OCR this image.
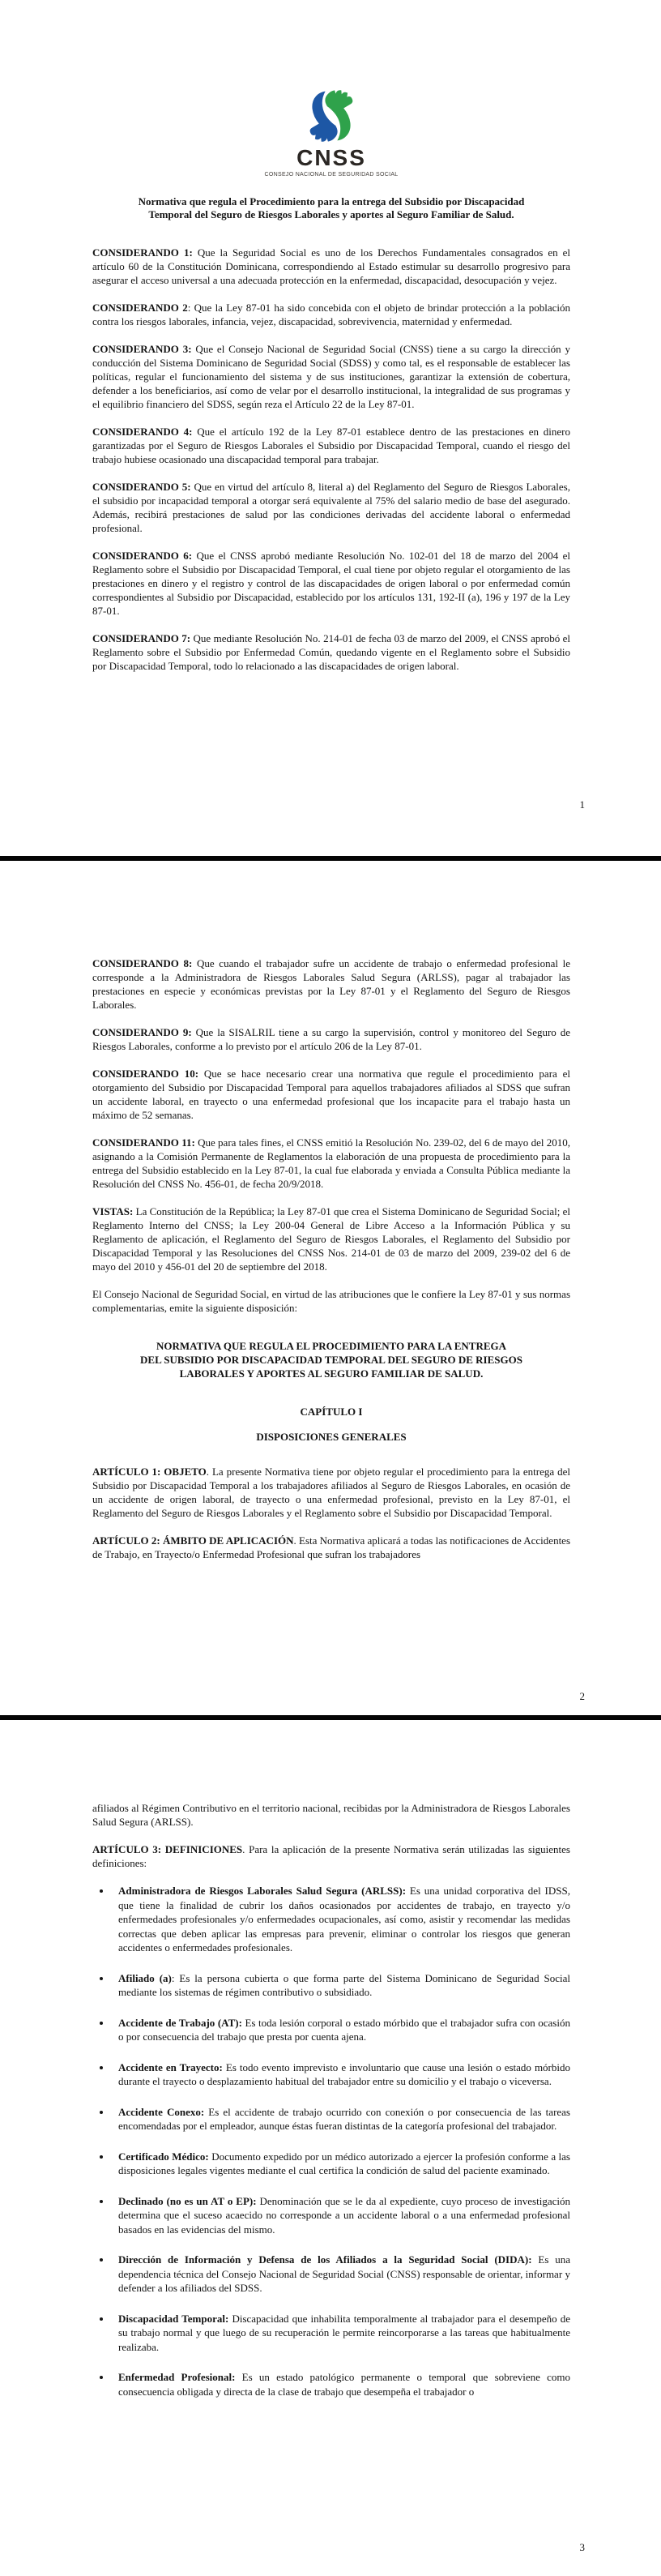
CNSS
CONSEJO NACIONAL DE SEGURIDAD SOCIAL
Normativa que regula el Procedimiento para la entrega del Subsidio por Discapacidad
Temporal del Seguro de Riesgos Laborales y aportes al Seguro Familiar de Salud.

CONSIDERANDO 1: Que la Seguridad Social es uno de los Derechos Fundamentales consagrados en el artículo 60 de la Constitución Dominicana, correspondiendo al Estado estimular su desarrollo progresivo para asegurar el acceso universal a una adecuada protección en la enfermedad, discapacidad, desocupación y vejez.

CONSIDERANDO 2: Que la Ley 87-01 ha sido concebida con el objeto de brindar protección a la población contra los riesgos laborales, infancia, vejez, discapacidad, sobrevivencia, maternidad y enfermedad.

CONSIDERANDO 3: Que el Consejo Nacional de Seguridad Social (CNSS) tiene a su cargo la dirección y conducción del Sistema Dominicano de Seguridad Social (SDSS) y como tal, es el responsable de establecer las políticas, regular el funcionamiento del sistema y de sus instituciones, garantizar la extensión de cobertura, defender a los beneficiarios, así como de velar por el desarrollo institucional, la integralidad de sus programas y el equilibrio financiero del SDSS, según reza el Artículo 22 de la Ley 87-01.

CONSIDERANDO 4: Que el artículo 192 de la Ley 87-01 establece dentro de las prestaciones en dinero garantizadas por el Seguro de Riesgos Laborales el Subsidio por Discapacidad Temporal, cuando el riesgo del trabajo hubiese ocasionado una discapacidad temporal para trabajar.

CONSIDERANDO 5: Que en virtud del artículo 8, literal a) del Reglamento del Seguro de Riesgos Laborales, el subsidio por incapacidad temporal a otorgar será equivalente al 75% del salario medio de base del asegurado. Además, recibirá prestaciones de salud por las condiciones derivadas del accidente laboral o enfermedad profesional.

CONSIDERANDO 6: Que el CNSS aprobó mediante Resolución No. 102-01 del 18 de marzo del 2004 el Reglamento sobre el Subsidio por Discapacidad Temporal, el cual tiene por objeto regular el otorgamiento de las prestaciones en dinero y el registro y control de las discapacidades de origen laboral o por enfermedad común correspondientes al Subsidio por Discapacidad, establecido por los artículos 131, 192-II (a), 196 y 197 de la Ley 87-01.

CONSIDERANDO 7: Que mediante Resolución No. 214-01 de fecha 03 de marzo del 2009, el CNSS aprobó el Reglamento sobre el Subsidio por Enfermedad Común, quedando vigente en el Reglamento sobre el Subsidio por Discapacidad Temporal, todo lo relacionado a las discapacidades de origen laboral.

1

CONSIDERANDO 8: Que cuando el trabajador sufre un accidente de trabajo o enfermedad profesional le corresponde a la Administradora de Riesgos Laborales Salud Segura (ARLSS), pagar al trabajador las prestaciones en especie y económicas previstas por la Ley 87-01 y el Reglamento del Seguro de Riesgos Laborales.

CONSIDERANDO 9: Que la SISALRIL tiene a su cargo la supervisión, control y monitoreo del Seguro de Riesgos Laborales, conforme a lo previsto por el artículo 206 de la Ley 87-01.

CONSIDERANDO 10: Que se hace necesario crear una normativa que regule el procedimiento para el otorgamiento del Subsidio por Discapacidad Temporal para aquellos trabajadores afiliados al SDSS que sufran un accidente laboral, en trayecto o una enfermedad profesional que los incapacite para el trabajo hasta un máximo de 52 semanas.

CONSIDERANDO 11: Que para tales fines, el CNSS emitió la Resolución No. 239-02, del 6 de mayo del 2010, asignando a la Comisión Permanente de Reglamentos la elaboración de una propuesta de procedimiento para la entrega del Subsidio establecido en la Ley 87-01, la cual fue elaborada y enviada a Consulta Pública mediante la Resolución del CNSS No. 456-01, de fecha 20/9/2018.

VISTAS: La Constitución de la República; la Ley 87-01 que crea el Sistema Dominicano de Seguridad Social; el Reglamento Interno del CNSS; la Ley 200-04 General de Libre Acceso a la Información Pública y su Reglamento de aplicación, el Reglamento del Seguro de Riesgos Laborales, el Reglamento del Subsidio por Discapacidad Temporal y las Resoluciones del CNSS Nos. 214-01 de 03 de marzo del 2009, 239-02 del 6 de mayo del 2010 y 456-01 del 20 de septiembre del 2018.

El Consejo Nacional de Seguridad Social, en virtud de las atribuciones que le confiere la Ley 87-01 y sus normas complementarias, emite la siguiente disposición:

NORMATIVA QUE REGULA EL PROCEDIMIENTO PARA LA ENTREGA
DEL SUBSIDIO POR DISCAPACIDAD TEMPORAL DEL SEGURO DE RIESGOS
LABORALES Y APORTES AL SEGURO FAMILIAR DE SALUD.
CAPÍTULO I
DISPOSICIONES GENERALES

ARTÍCULO 1: OBJETO. La presente Normativa tiene por objeto regular el procedimiento para la entrega del Subsidio por Discapacidad Temporal a los trabajadores afiliados al Seguro de Riesgos Laborales, en ocasión de un accidente de origen laboral, de trayecto o una enfermedad profesional, previsto en la Ley 87-01, el Reglamento del Seguro de Riesgos Laborales y el Reglamento sobre el Subsidio por Discapacidad Temporal.

ARTÍCULO 2: ÁMBITO DE APLICACIÓN. Esta Normativa aplicará a todas las notificaciones de Accidentes de Trabajo, en Trayecto/o Enfermedad Profesional que sufran los trabajadores

2

afiliados al Régimen Contributivo en el territorio nacional, recibidas por la Administradora de Riesgos Laborales Salud Segura (ARLSS).

ARTÍCULO 3: DEFINICIONES. Para la aplicación de la presente Normativa serán utilizadas las siguientes definiciones:

• Administradora de Riesgos Laborales Salud Segura (ARLSS): Es una unidad corporativa del IDSS, que tiene la finalidad de cubrir los daños ocasionados por accidentes de trabajo, en trayecto y/o enfermedades profesionales y/o enfermedades ocupacionales, así como, asistir y recomendar las medidas correctas que deben aplicar las empresas para prevenir, eliminar o controlar los riesgos que generan accidentes o enfermedades profesionales.
• Afiliado (a): Es la persona cubierta o que forma parte del Sistema Dominicano de Seguridad Social mediante los sistemas de régimen contributivo o subsidiado.
• Accidente de Trabajo (AT): Es toda lesión corporal o estado mórbido que el trabajador sufra con ocasión o por consecuencia del trabajo que presta por cuenta ajena.
• Accidente en Trayecto: Es todo evento imprevisto e involuntario que cause una lesión o estado mórbido durante el trayecto o desplazamiento habitual del trabajador entre su domicilio y el trabajo o viceversa.
• Accidente Conexo: Es el accidente de trabajo ocurrido con conexión o por consecuencia de las tareas encomendadas por el empleador, aunque éstas fueran distintas de la categoría profesional del trabajador.
• Certificado Médico: Documento expedido por un médico autorizado a ejercer la profesión conforme a las disposiciones legales vigentes mediante el cual certifica la condición de salud del paciente examinado.
• Declinado (no es un AT o EP): Denominación que se le da al expediente, cuyo proceso de investigación determina que el suceso acaecido no corresponde a un accidente laboral o a una enfermedad profesional basados en las evidencias del mismo.
• Dirección de Información y Defensa de los Afiliados a la Seguridad Social (DIDA): Es una dependencia técnica del Consejo Nacional de Seguridad Social (CNSS) responsable de orientar, informar y defender a los afiliados del SDSS.
• Discapacidad Temporal: Discapacidad que inhabilita temporalmente al trabajador para el desempeño de su trabajo normal y que luego de su recuperación le permite reincorporarse a las tareas que habitualmente realizaba.
• Enfermedad Profesional: Es un estado patológico permanente o temporal que sobreviene como consecuencia obligada y directa de la clase de trabajo que desempeña el trabajador o
3
